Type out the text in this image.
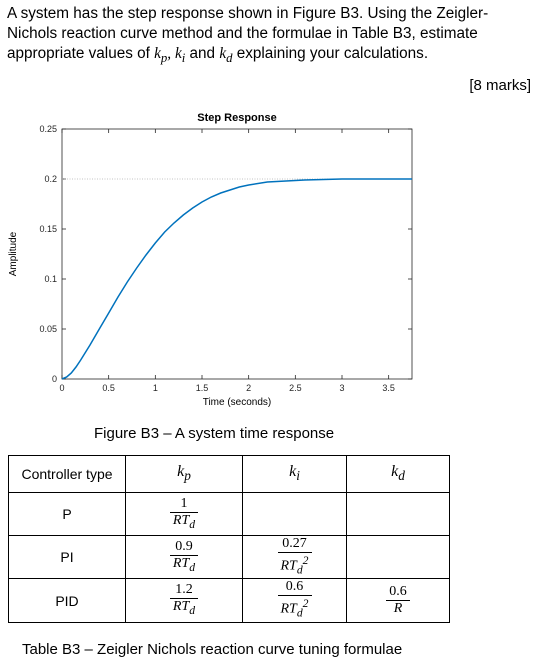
A system has the step response shown in Figure B3. Using the Zeigler-Nichols reaction curve method and the formulae in Table B3, estimate appropriate values of $k_p$, $k_i$ and $k_d$ explaining your calculations.
[8 marks]
0	0.5	1	1.5	2	2.5	3	3.5
0
0.05
0.1
0.15
0.2
0.25
Step Response
Time (seconds)
Amplitude
Figure B3 – A system time response
Controller type	$k_p$	$k_i$	$k_d$
P	$\frac{1}{RT_d}$

PI	$\frac{0.9}{RT_d}$	$\frac{0.27}{RT_d^2}$

PID	$\frac{1.2}{RT_d}$	$\frac{0.6}{RT_d^2}$	$\frac{0.6}{R}$
Table B3 – Zeigler Nichols reaction curve tuning formulae
